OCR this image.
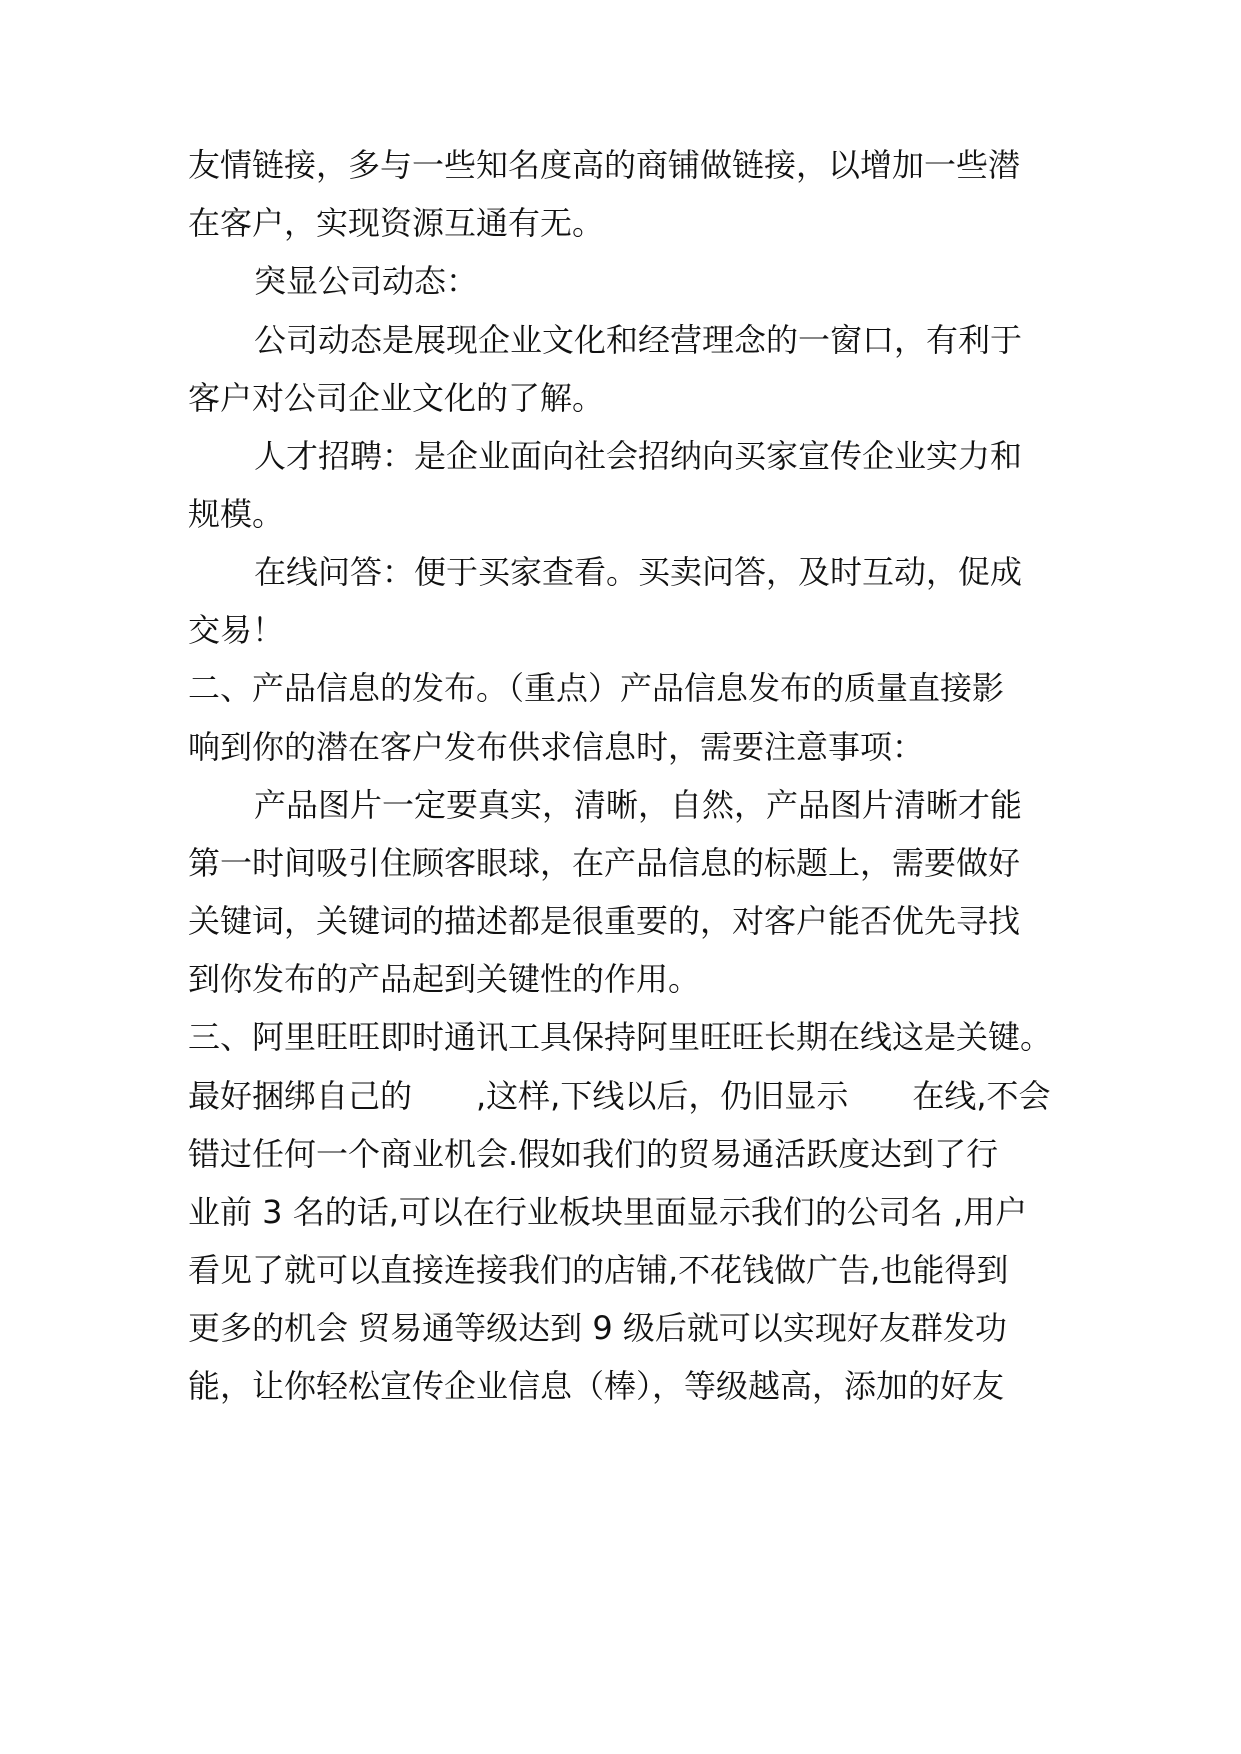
友情链接，多与一些知名度高的商铺做链接，以增加一些潜
在客户，实现资源互通有无。
突显公司动态：
公司动态是展现企业文化和经营理念的一窗口，有利于
客户对公司企业文化的了解。
人才招聘：是企业面向社会招纳向买家宣传企业实力和
规模。
在线问答：便于买家查看。买卖问答，及时互动，促成
交易！
二、产品信息的发布。（重点）产品信息发布的质量直接影
响到你的潜在客户发布供求信息时，需要注意事项：
产品图片一定要真实，清晰，自然，产品图片清晰才能
第一时间吸引住顾客眼球，在产品信息的标题上，需要做好
关键词，关键词的描述都是很重要的，对客户能否优先寻找
到你发布的产品起到关键性的作用。
三、阿里旺旺即时通讯工具保持阿里旺旺长期在线这是关键。
最好捆绑自己的　　,这样,下线以后，仍旧显示　　在线,不会
错过任何一个商业机会.假如我们的贸易通活跃度达到了行
业前 3 名的话,可以在行业板块里面显示我们的公司名 ,用户
看见了就可以直接连接我们的店铺,不花钱做广告,也能得到
更多的机会 贸易通等级达到 9 级后就可以实现好友群发功
能，让你轻松宣传企业信息（棒），等级越高，添加的好友
